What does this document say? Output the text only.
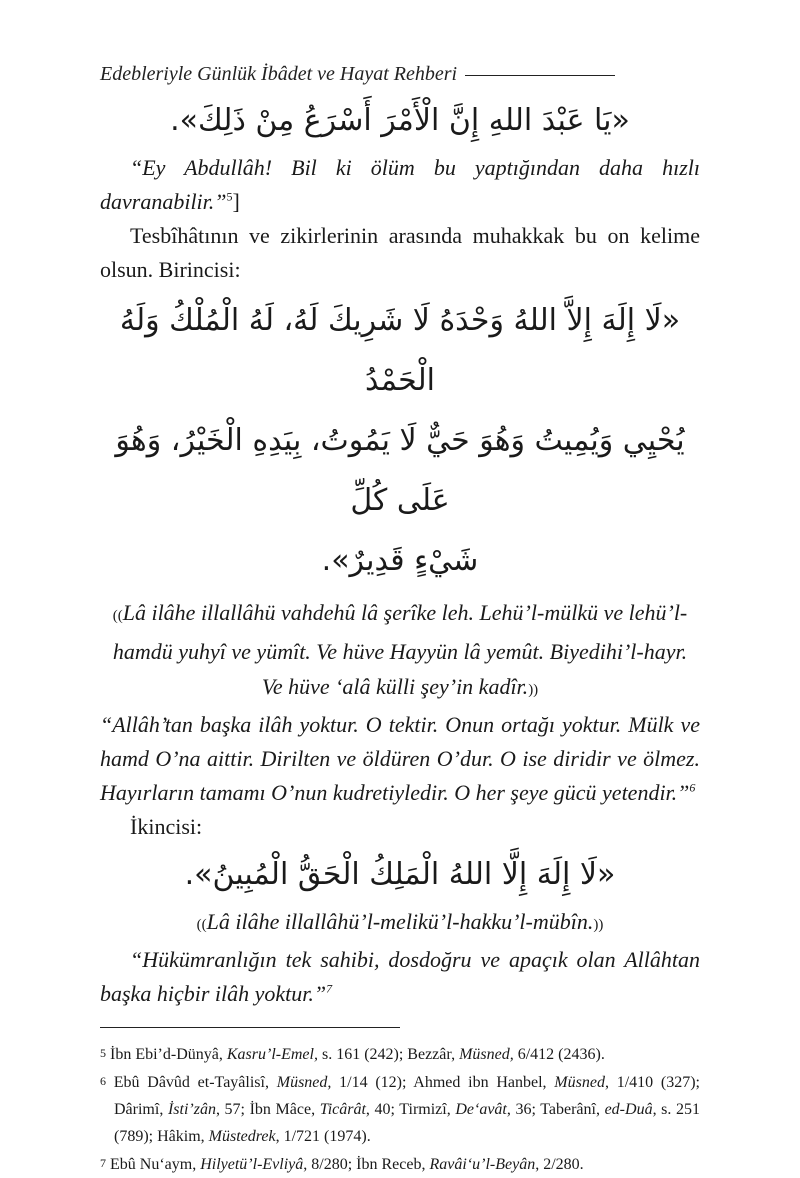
Edebleriyle Günlük İbâdet ve Hayat Rehberi
«يَا عَبْدَ اللهِ إِنَّ الْأَمْرَ أَسْرَعُ مِنْ ذَلِكَ».

“Ey Abdullâh! Bil ki ölüm bu yaptığından daha hızlı davranabilir.”$^5$]

Tesbîhâtının ve zikirlerinin arasında muhakkak bu on kelime olsun. Birincisi:

«لَا إِلَهَ إِلاَّ اللهُ وَحْدَهُ لَا شَرِيكَ لَهُ، لَهُ الْمُلْكُ وَلَهُ الْحَمْدُ
يُحْيِي وَيُمِيتُ وَهُوَ حَيٌّ لَا يَمُوتُ، بِيَدِهِ الْخَيْرُ، وَهُوَ عَلَى كُلِّ
شَيْءٍ قَدِيرٌ».

((Lâ ilâhe illallâhü vahdehû lâ şerîke leh. Lehü’l-mülkü ve lehü’l-hamdü yuhyî ve yümît. Ve hüve Hayyün lâ yemût. Biyedihi’l-hayr. Ve hüve ‘alâ külli şey’in kadîr.))

“Allâh’tan başka ilâh yoktur. O tektir. Onun ortağı yoktur. Mülk ve hamd O’na aittir. Dirilten ve öldüren O’dur. O ise diridir ve ölmez. Hayırların tamamı O’nun kudretiyledir. O her şeye gücü yetendir.”$^6$

İkincisi:

«لَا إِلَهَ إِلَّا اللهُ الْمَلِكُ الْحَقُّ الْمُبِينُ».

((Lâ ilâhe illallâhü’l-melikü’l-hakku’l-mübîn.))

“Hükümranlığın tek sahibi, dosdoğru ve apaçık olan Allâhtan başka hiçbir ilâh yoktur.”$^7$

5 İbn Ebi’d-Dünyâ, Kasru’l-Emel, s. 161 (242); Bezzâr, Müsned, 6/412 (2436).

6 Ebû Dâvûd et-Tayâlisî, Müsned, 1/14 (12); Ahmed ibn Hanbel, Müsned, 1/410 (327); Dârimî, İsti’zân, 57; İbn Mâce, Ticârât, 40; Tirmizî, De‘avât, 36; Taberânî, ed-Duâ, s. 251 (789); Hâkim, Müstedrek, 1/721 (1974).

7 Ebû Nu‘aym, Hilyetü’l-Evliyâ, 8/280; İbn Receb, Ravâi‘u’l-Beyân, 2/280.
